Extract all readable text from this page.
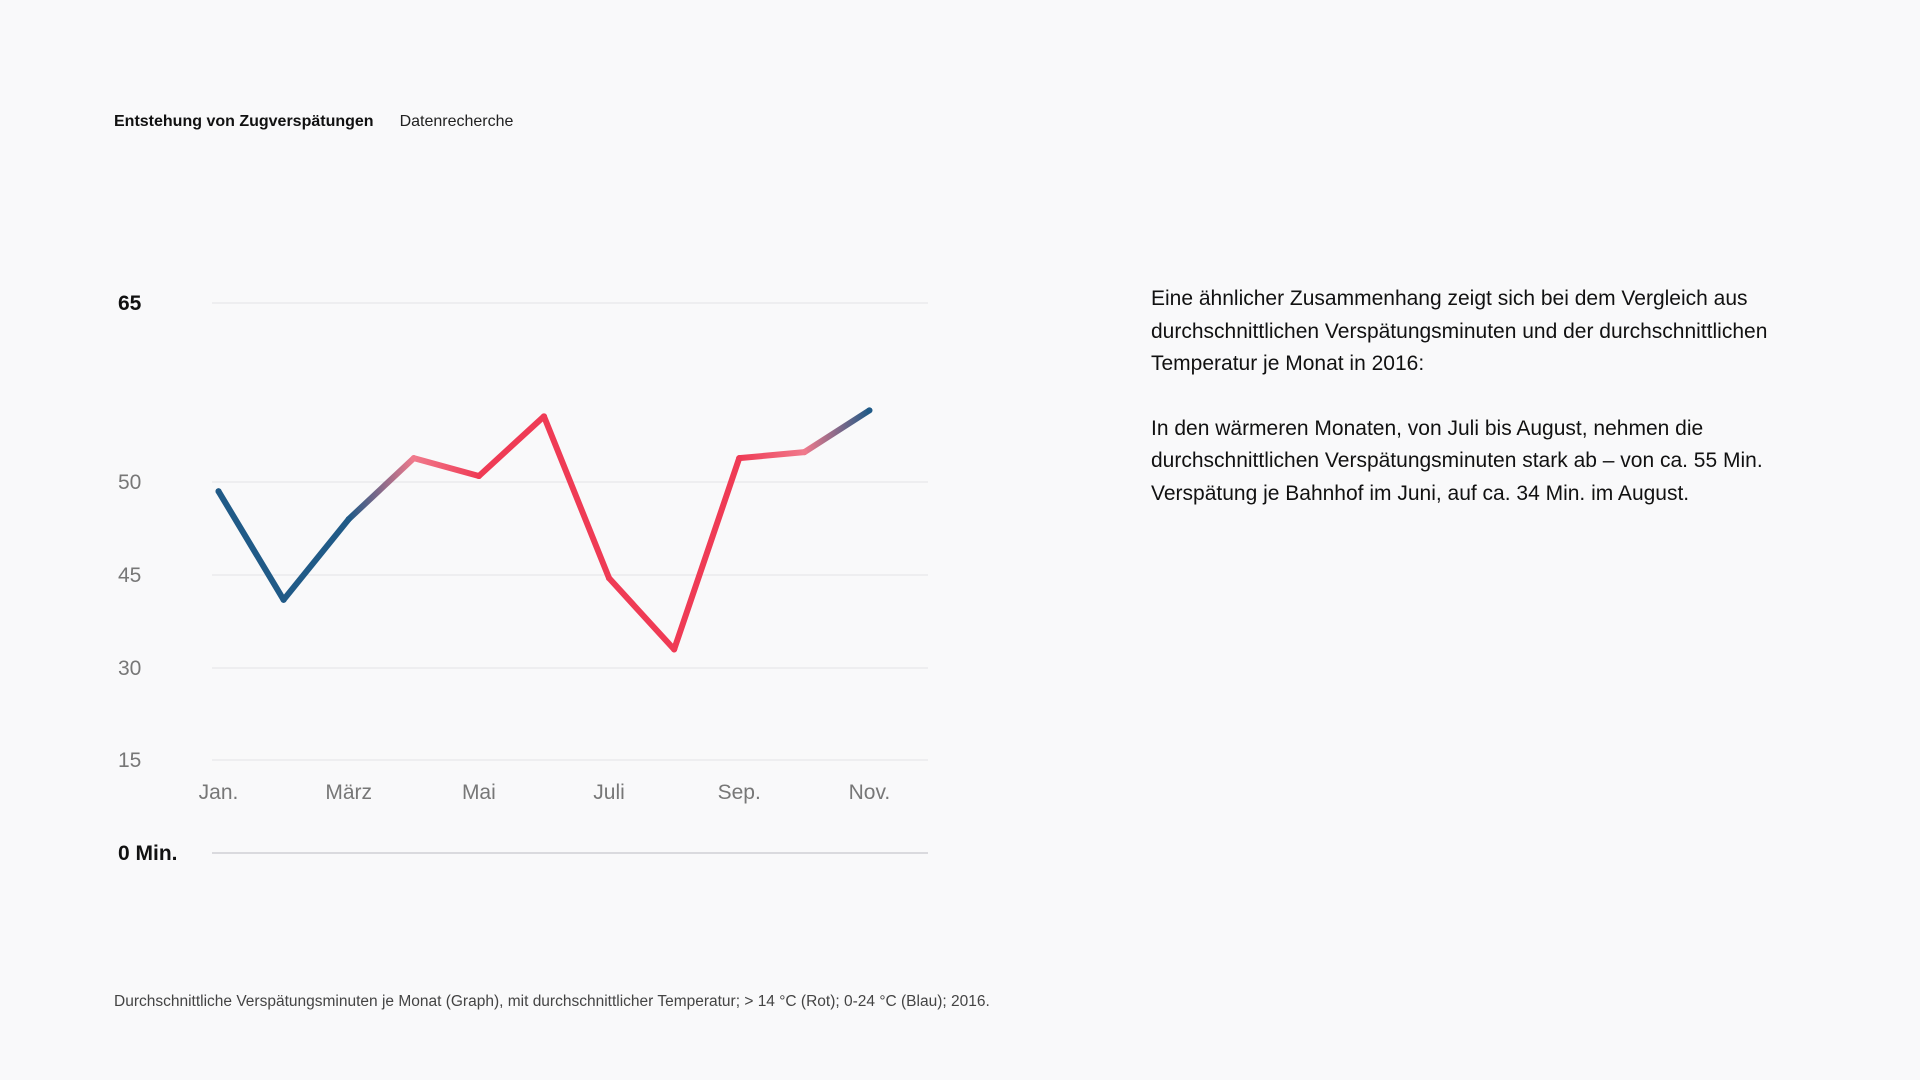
Entstehung von Zugverspätungen Datenrecherche
0 Min.
15
30
45
50
65
Jan.	März	Mai	Juli	Sep.	Nov.

Eine ähnlicher Zusammenhang zeigt sich bei dem Vergleich aus durchschnittlichen Verspätungsminuten und der durchschnittlichen Temperatur je Monat in 2016:

In den wärmeren Monaten, von Juli bis August, nehmen die durchschnittlichen Verspätungsminuten stark ab – von ca. 55 Min. Verspätung je Bahnhof im Juni, auf ca. 34 Min. im August.

Durchschnittliche Verspätungsminuten je Monat (Graph), mit durchschnittlicher Temperatur; > 14 °C (Rot); 0-24 °C (Blau); 2016.
